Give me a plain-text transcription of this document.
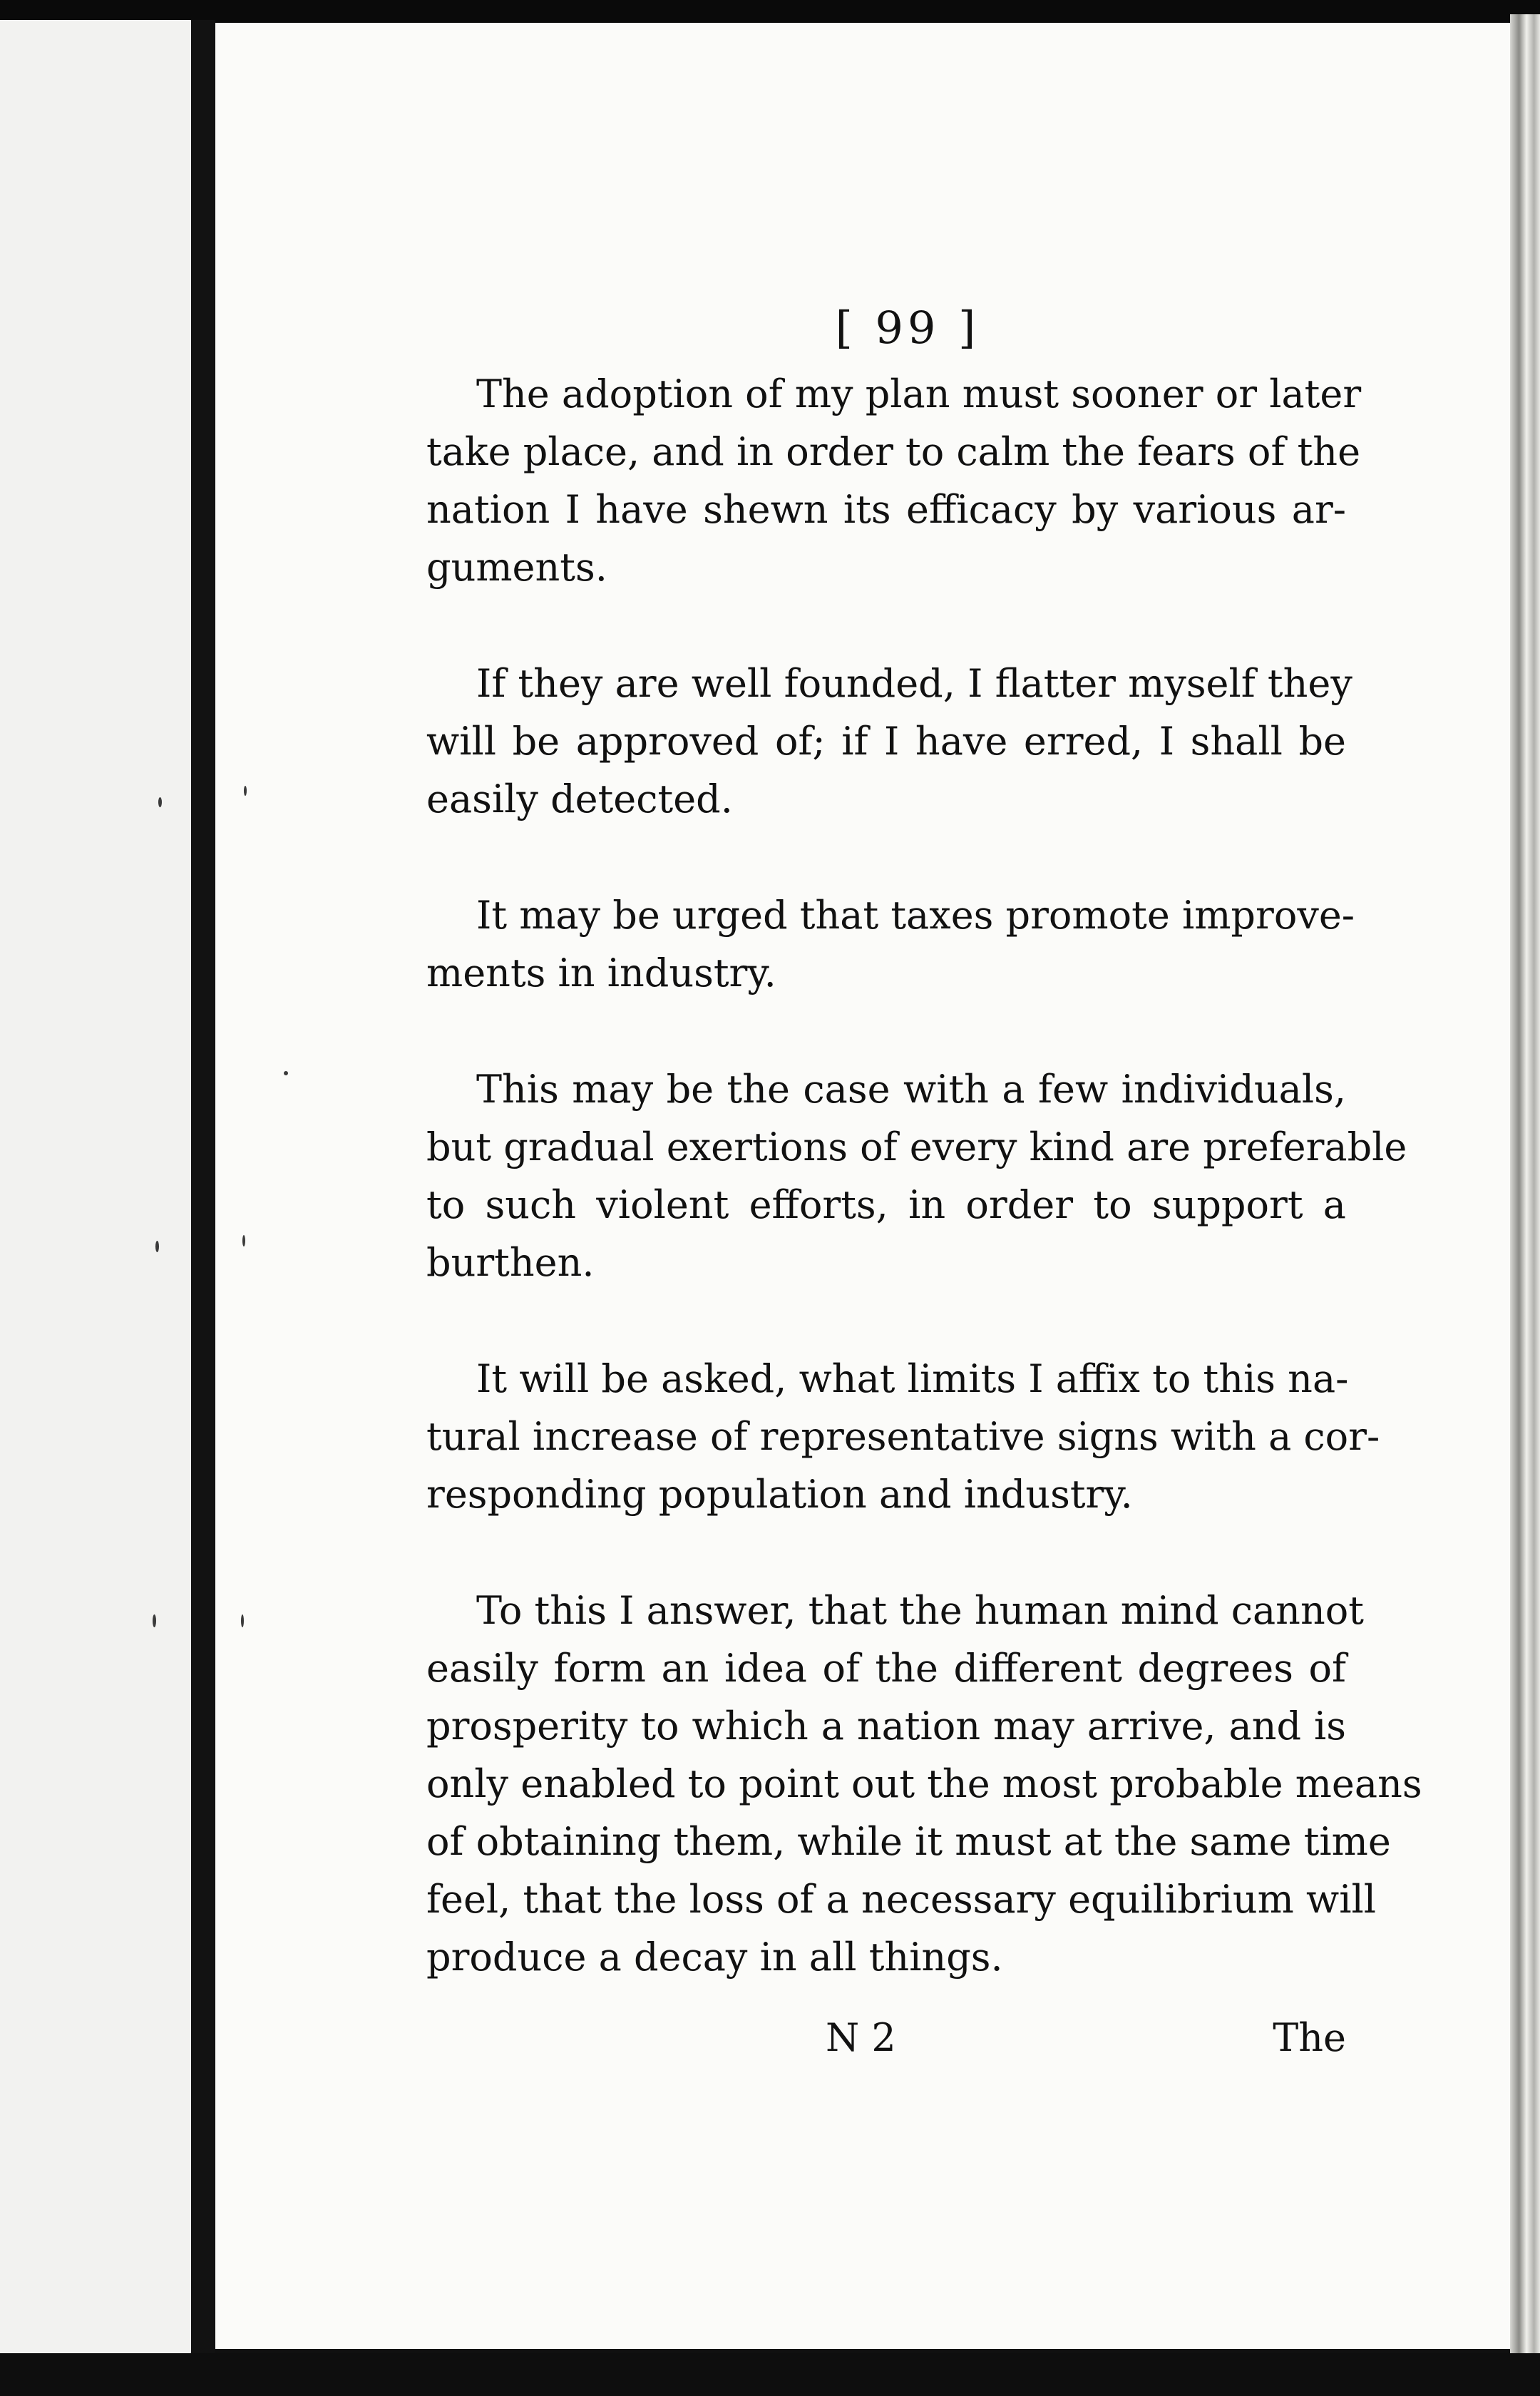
[ 99 ]
The adoption of my plan must sooner or later
take place, and in order to calm the fears of the
nation I have shewn its efficacy by various ar-
guments.
If they are well founded, I flatter myself they
will be approved of; if I have erred, I shall be
easily detected.
It may be urged that taxes promote improve-
ments in industry.
This may be the case with a few individuals,
but gradual exertions of every kind are preferable
to such violent efforts, in order to support a
burthen.
It will be asked, what limits I affix to this na-
tural increase of representative signs with a cor-
responding population and industry.
To this I answer, that the human mind cannot
easily form an idea of the different degrees of
prosperity to which a nation may arrive, and is
only enabled to point out the most probable means
of obtaining them, while it must at the same time
feel, that the loss of a necessary equilibrium will
produce a decay in all things.
N 2	The
